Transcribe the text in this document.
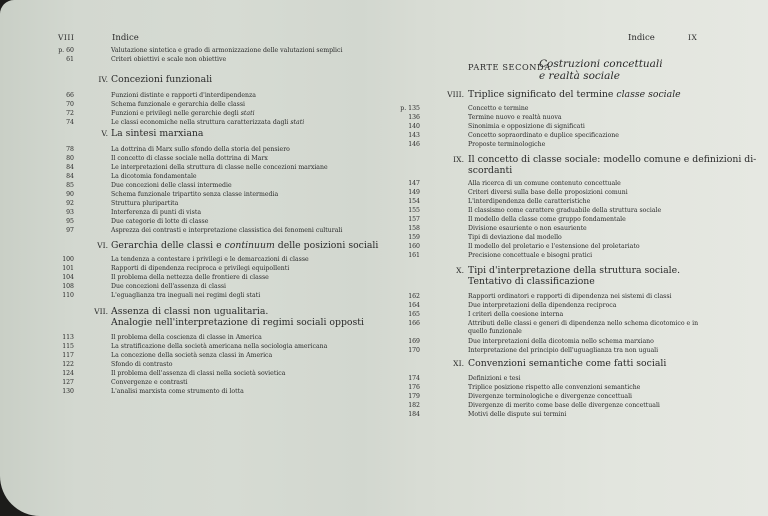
VIII	Indice
p. 60	Valutazione sintetica e grado di armonizzazione delle valutazioni semplici
61	Criteri obiettivi e scale non obiettive
IV. Concezioni funzionali
66	Funzioni distinte e rapporti d'interdipendenza
70	Schema funzionale e gerarchia delle classi
72	Funzioni e privilegi nelle gerarchie degli stati
74	Le classi economiche nella struttura caratterizzata dagli stati
V. La sintesi marxiana
78	La dottrina di Marx sullo sfondo della storia del pensiero
80	Il concetto di classe sociale nella dottrina di Marx
84	Le interpretazioni della struttura di classe nelle concezioni marxiane
84	La dicotomia fondamentale
85	Due concezioni delle classi intermedie
90	Schema funzionale tripartito senza classe intermedia
92	Struttura pluripartita
93	Interferenza di punti di vista
95	Due categorie di lotte di classe
97	Asprezza dei contrasti e interpretazione classistica dei fenomeni culturali
VI. Gerarchia delle classi e continuum delle posizioni sociali
100	La tendenza a contestare i privilegi e le demarcazioni di classe
101	Rapporti di dipendenza reciproca e privilegi equipollenti
104	Il problema della nettezza delle frontiere di classe
108	Due concezioni dell'assenza di classi
110	L'eguaglianza tra ineguali nei regimi degli stati
VII. Assenza di classi non ugualitaria.
Analogie nell'interpretazione di regimi sociali opposti
113	Il problema della coscienza di classe in America
115	La stratificazione della società americana nella sociologia americana
117	La concezione della società senza classi in America
122	Sfondo di contrasto
124	Il problema dell'assenza di classi nella società sovietica
127	Convergenze e contrasti
130	L'analisi marxista come strumento di lotta
Indice	IX
PARTE SECONDA
Costruzioni concettuali
e realtà sociale
VIII. Triplice significato del termine classe sociale
p. 135	Concetto e termine
136	Termine nuovo e realtà nuova
140	Sinonimia e opposizione di significati
143	Concetto sopraordinato e duplice specificazione
146	Proposte terminologiche
IX. Il concetto di classe sociale: modello comune e definizioni di-
scordanti
147	Alla ricerca di un comune contenuto concettuale
149	Criteri diversi sulla base delle proposizioni comuni
154	L'interdipendenza delle caratteristiche
155	Il classismo come carattere graduabile della struttura sociale
157	Il modello della classe come gruppo fondamentale
158	Divisione esauriente o non esauriente
159	Tipi di deviazione dal modello
160	Il modello del proletario e l'estensione del proletariato
161	Precisione concettuale e bisogni pratici
X. Tipi d'interpretazione della struttura sociale.
Tentativo di classificazione
162	Rapporti ordinatori e rapporti di dipendenza nei sistemi di classi
164	Due interpretazioni della dipendenza reciproca
165	I criteri della coesione interna
166	Attributi delle classi e generi di dipendenza nello schema dicotomico e in
quello funzionale
169	Due interpretazioni della dicotomia nello schema marxiano
170	Interpretazione del principio dell'uguaglianza tra non uguali
XI. Convenzioni semantiche come fatti sociali
174	Definizioni e tesi
176	Triplice posizione rispetto alle convenzioni semantiche
179	Divergenze terminologiche e divergenze concettuali
182	Divergenze di merito come base delle divergenze concettuali
184	Motivi delle dispute sui termini
